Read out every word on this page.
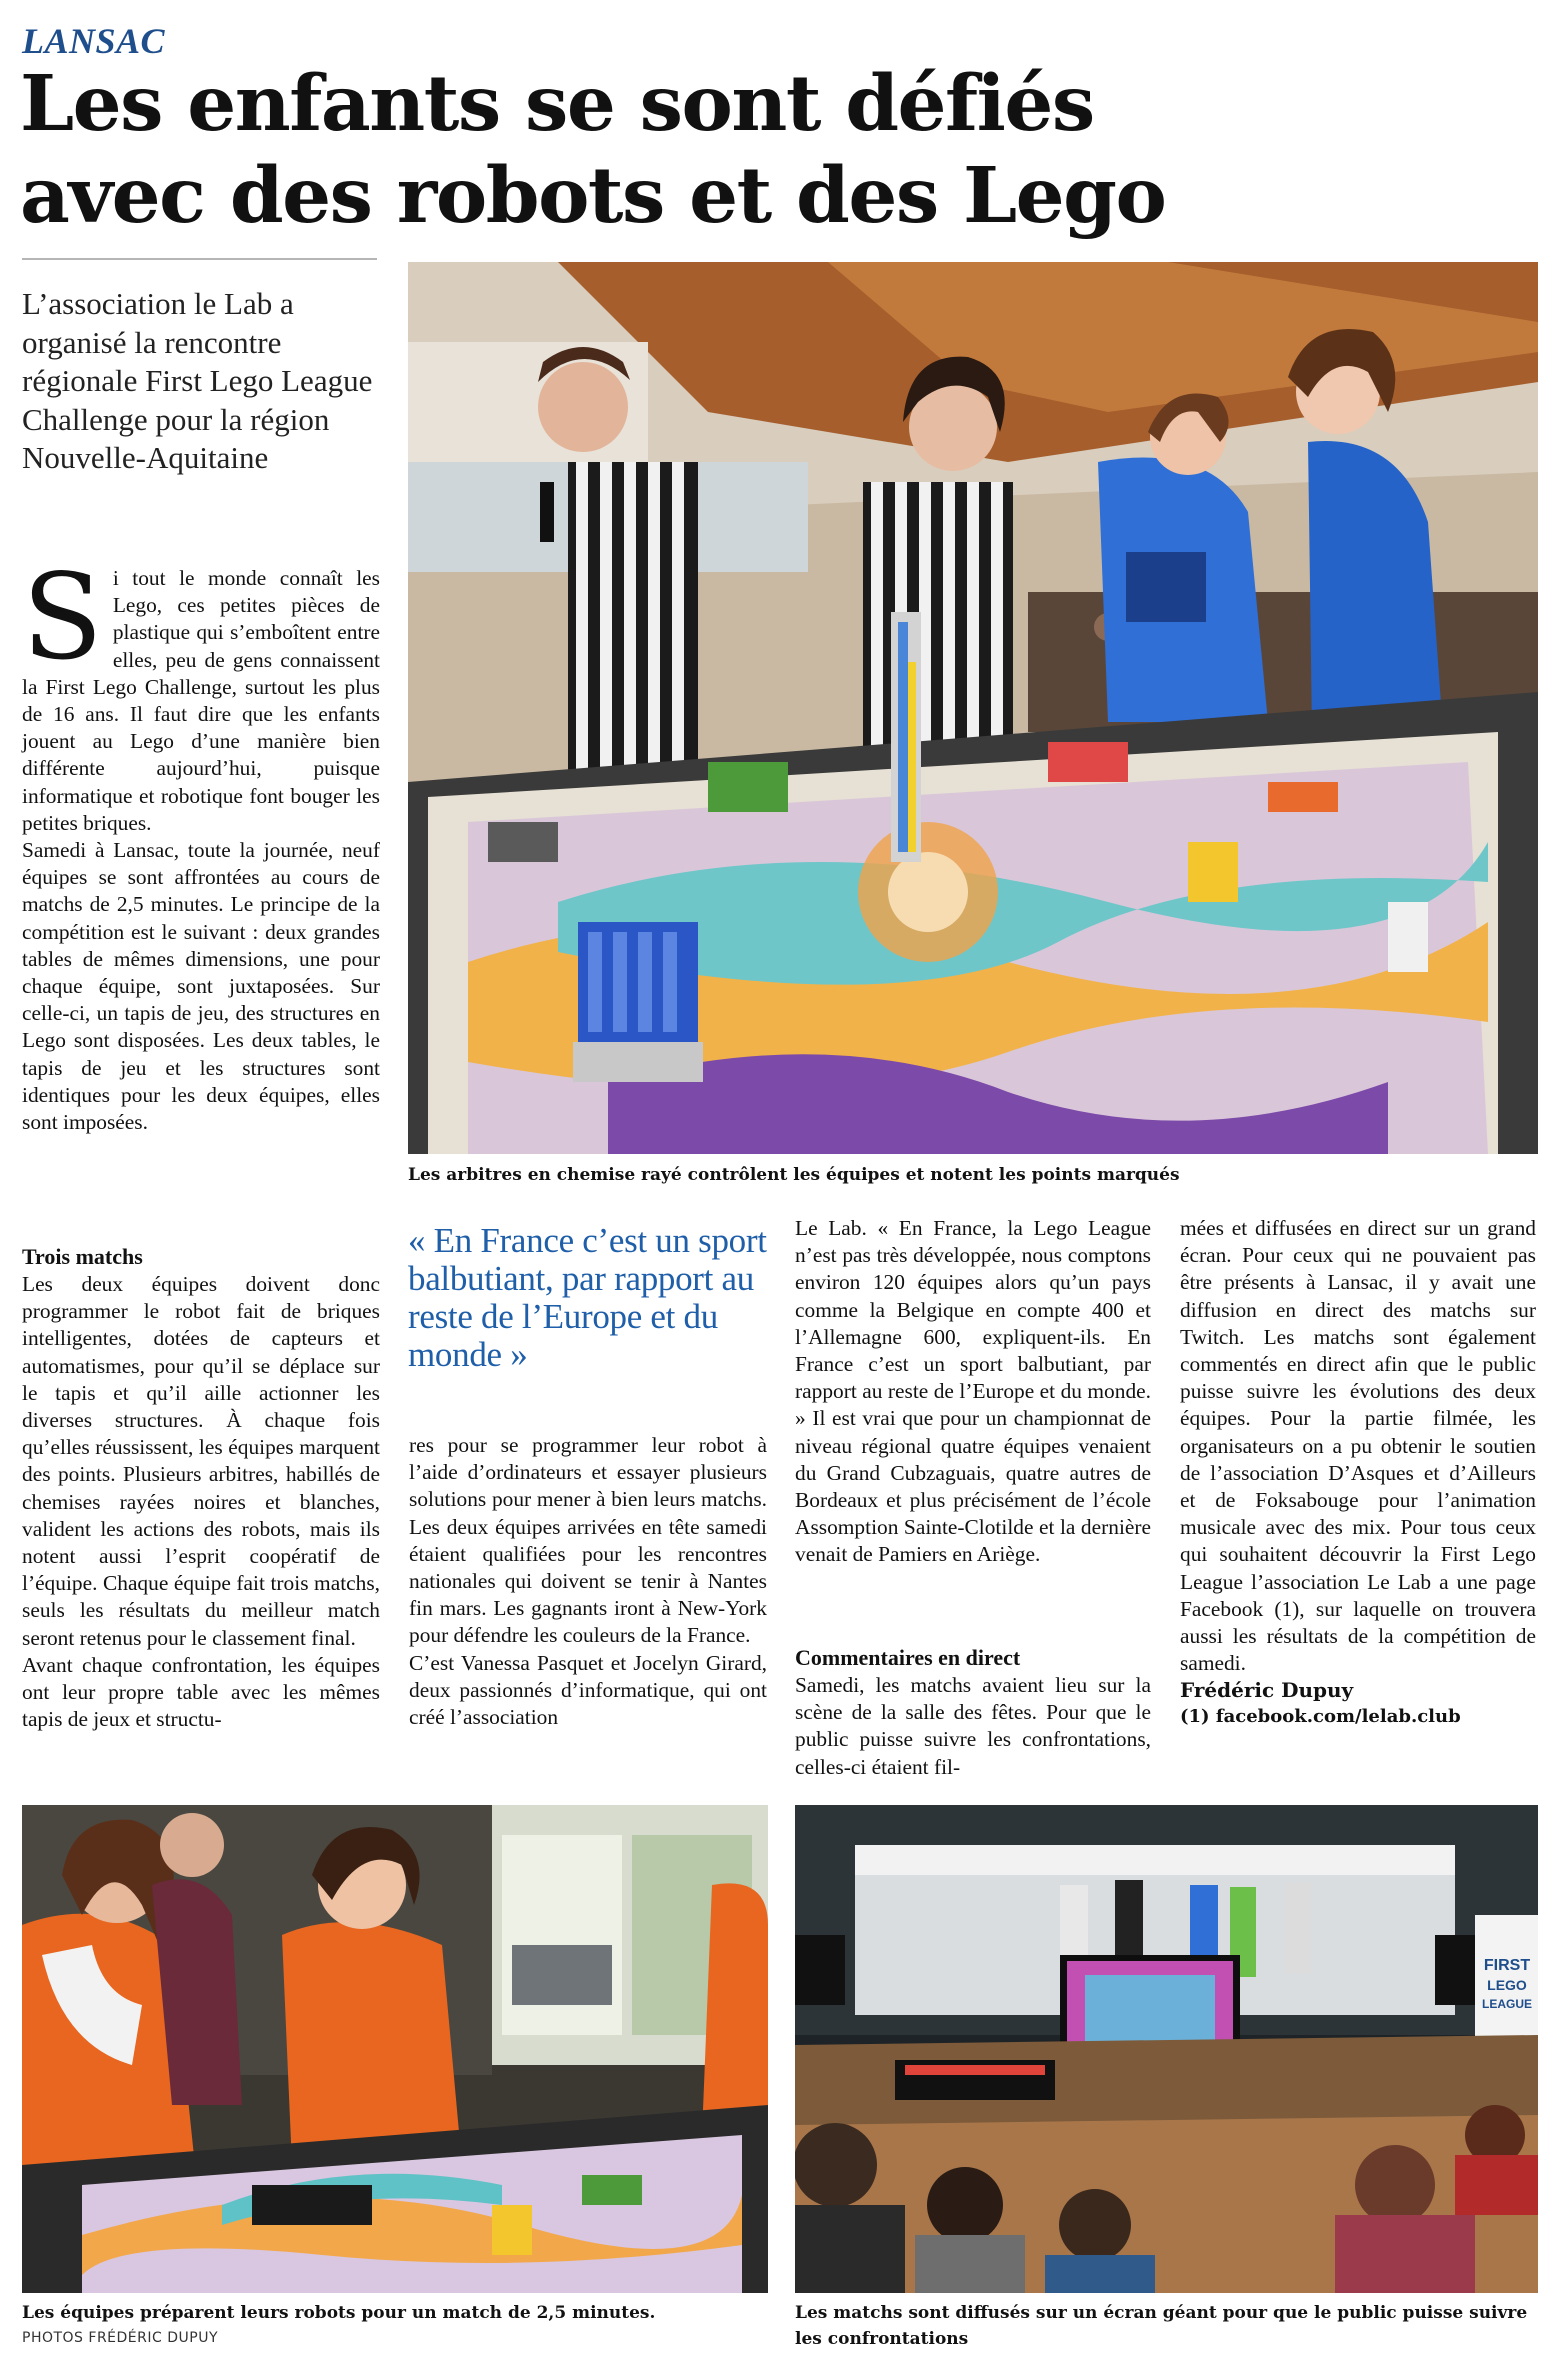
LANSAC
Les enfants se sont défiés
avec des robots et des Lego
L’association le Lab a organisé la rencontre régionale First Lego League Challenge pour la région Nouvelle-Aquitaine
S i tout le monde connaît les Lego, ces petites pièces de plastique qui s’emboîtent entre elles, peu de gens connaissent la First Lego Challenge, surtout les plus de 16 ans. Il faut dire que les enfants jouent au Lego d’une manière bien différente aujourd’hui, puisque informatique et robotique font bouger les petites briques.

Samedi à Lansac, toute la journée, neuf équipes se sont affrontées au cours de matchs de 2,5 minutes. Le principe de la compétition est le suivant : deux grandes tables de mêmes dimensions, une pour chaque équipe, sont juxtaposées. Sur celle-ci, un tapis de jeu, des structures en Lego sont disposées. Les deux tables, le tapis de jeu et les structures sont identiques pour les deux équipes, elles sont imposées.

Trois matchs

Les deux équipes doivent donc programmer le robot fait de briques intelligentes, dotées de capteurs et automatismes, pour qu’il se déplace sur le tapis et qu’il aille actionner les diverses structures. À chaque fois qu’elles réussissent, les équipes marquent des points. Plusieurs arbitres, habillés de chemises rayées noires et blanches, valident les actions des robots, mais ils notent aussi l’esprit coopératif de l’équipe. Chaque équipe fait trois matchs, seuls les résultats du meilleur match seront retenus pour le classement final.

Avant chaque confrontation, les équipes ont leur propre table avec les mêmes tapis de jeux et structu-

« En France c’est un sport balbutiant, par rapport au reste de l’Europe et du monde »

res pour se programmer leur robot à l’aide d’ordinateurs et essayer plusieurs solutions pour mener à bien leurs matchs. Les deux équipes arrivées en tête samedi étaient qualifiées pour les rencontres nationales qui doivent se tenir à Nantes fin mars. Les gagnants iront à New-York pour défendre les couleurs de la France.

C’est Vanessa Pasquet et Jocelyn Girard, deux passionnés d’informatique, qui ont créé l’association

Le Lab. « En France, la Lego League n’est pas très développée, nous comptons environ 120 équipes alors qu’un pays comme la Belgique en compte 400 et l’Allemagne 600, expliquent-ils. En France c’est un sport balbutiant, par rapport au reste de l’Europe et du monde. » Il est vrai que pour un championnat de niveau régional quatre équipes venaient du Grand Cubzaguais, quatre autres de Bordeaux et plus précisément de l’école Assomption Sainte-Clotilde et la dernière venait de Pamiers en Ariège.

Commentaires en direct

Samedi, les matchs avaient lieu sur la scène de la salle des fêtes. Pour que le public puisse suivre les confrontations, celles-ci étaient fil-

mées et diffusées en direct sur un grand écran. Pour ceux qui ne pouvaient pas être présents à Lansac, il y avait une diffusion en direct des matchs sur Twitch. Les matchs sont également commentés en direct afin que le public puisse suivre les évolutions des deux équipes. Pour la partie filmée, les organisateurs on a pu obtenir le soutien de l’association D’Asques et d’Ailleurs et de Foksabouge pour l’animation musicale avec des mix. Pour tous ceux qui souhaitent découvrir la First Lego League l’association Le Lab a une page Facebook (1), sur laquelle on trouvera aussi les résultats de la compétition de samedi.

Frédéric Dupuy

(1) facebook.com/lelab.club

Les arbitres en chemise rayé contrôlent les équipes et notent les points marqués
Les équipes préparent leurs robots pour un match de 2,5 minutes.
PHOTOS FRÉDÉRIC DUPUY
FIRST
LEGO
LEAGUE
Les matchs sont diffusés sur un écran géant pour que le public puisse suivre
les confrontations
